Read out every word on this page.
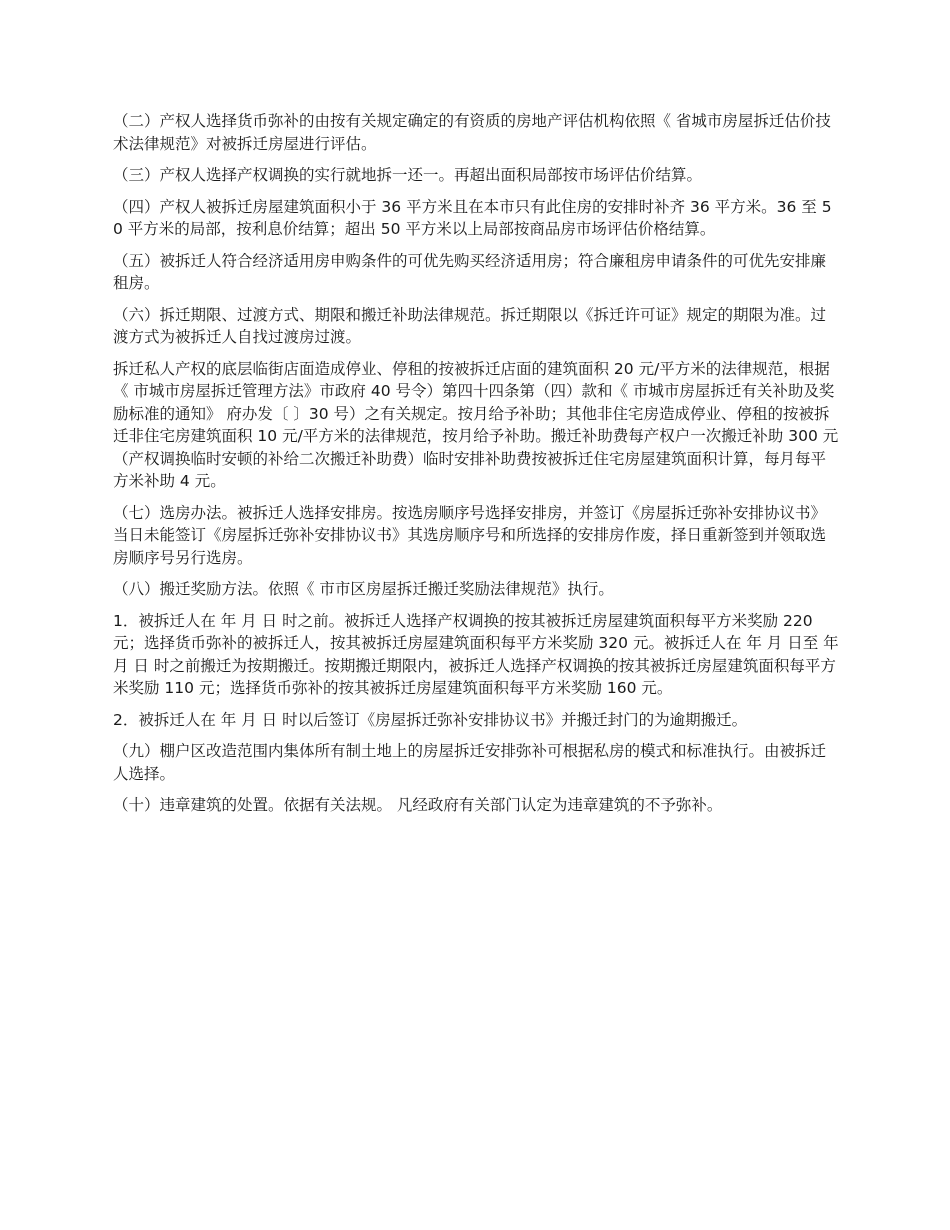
（二）产权人选择货币弥补的由按有关规定确定的有资质的房地产评估机构依照《 省城市房屋拆迁估价技术法律规范》对被拆迁房屋进行评估。

（三）产权人选择产权调换的实行就地拆一还一。再超出面积局部按市场评估价结算。

（四）产权人被拆迁房屋建筑面积小于 36 平方米且在本市只有此住房的安排时补齐 36 平方米。36 至 50 平方米的局部，按利息价结算；超出 50 平方米以上局部按商品房市场评估价格结算。

（五）被拆迁人符合经济适用房申购条件的可优先购买经济适用房；符合廉租房申请条件的可优先安排廉租房。

（六）拆迁期限、过渡方式、期限和搬迁补助法律规范。拆迁期限以《拆迁许可证》规定的期限为准。过渡方式为被拆迁人自找过渡房过渡。

拆迁私人产权的底层临街店面造成停业、停租的按被拆迁店面的建筑面积 20 元/平方米的法律规范，根据《 市城市房屋拆迁管理方法》市政府 40 号令）第四十四条第（四）款和《 市城市房屋拆迁有关补助及奖励标准的通知》 府办发〔 〕30 号）之有关规定。按月给予补助；其他非住宅房造成停业、停租的按被拆迁非住宅房建筑面积 10 元/平方米的法律规范，按月给予补助。搬迁补助费每产权户一次搬迁补助 300 元（产权调换临时安顿的补给二次搬迁补助费）临时安排补助费按被拆迁住宅房屋建筑面积计算，每月每平方米补助 4 元。

（七）选房办法。被拆迁人选择安排房。按选房顺序号选择安排房，并签订《房屋拆迁弥补安排协议书》当日未能签订《房屋拆迁弥补安排协议书》其选房顺序号和所选择的安排房作废，择日重新签到并领取选房顺序号另行选房。

（八）搬迁奖励方法。依照《 市市区房屋拆迁搬迁奖励法律规范》执行。

1．被拆迁人在 年 月 日 时之前。被拆迁人选择产权调换的按其被拆迁房屋建筑面积每平方米奖励 220 元；选择货币弥补的被拆迁人，按其被拆迁房屋建筑面积每平方米奖励 320 元。被拆迁人在 年 月 日至 年 月 日 时之前搬迁为按期搬迁。按期搬迁期限内，被拆迁人选择产权调换的按其被拆迁房屋建筑面积每平方米奖励 110 元；选择货币弥补的按其被拆迁房屋建筑面积每平方米奖励 160 元。

2．被拆迁人在 年 月 日 时以后签订《房屋拆迁弥补安排协议书》并搬迁封门的为逾期搬迁。

（九）棚户区改造范围内集体所有制土地上的房屋拆迁安排弥补可根据私房的模式和标准执行。由被拆迁人选择。

（十）违章建筑的处置。依据有关法规。 凡经政府有关部门认定为违章建筑的不予弥补。
